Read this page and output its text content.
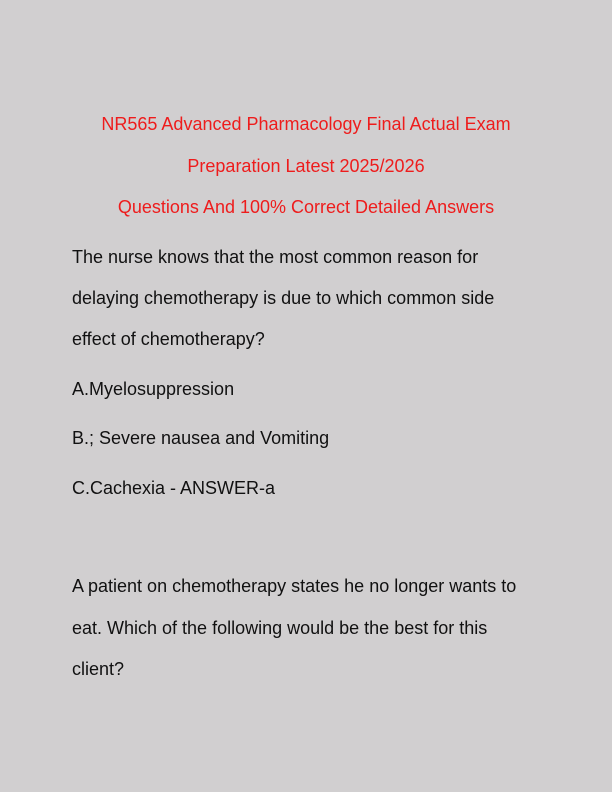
NR565 Advanced Pharmacology Final Actual Exam
Preparation Latest 2025/2026
Questions And 100% Correct Detailed Answers
The nurse knows that the most common reason for
delaying chemotherapy is due to which common side
effect of chemotherapy?
A.Myelosuppression
B.; Severe nausea and Vomiting
C.Cachexia - ANSWER-a
A patient on chemotherapy states he no longer wants to
eat. Which of the following would be the best for this
client?
